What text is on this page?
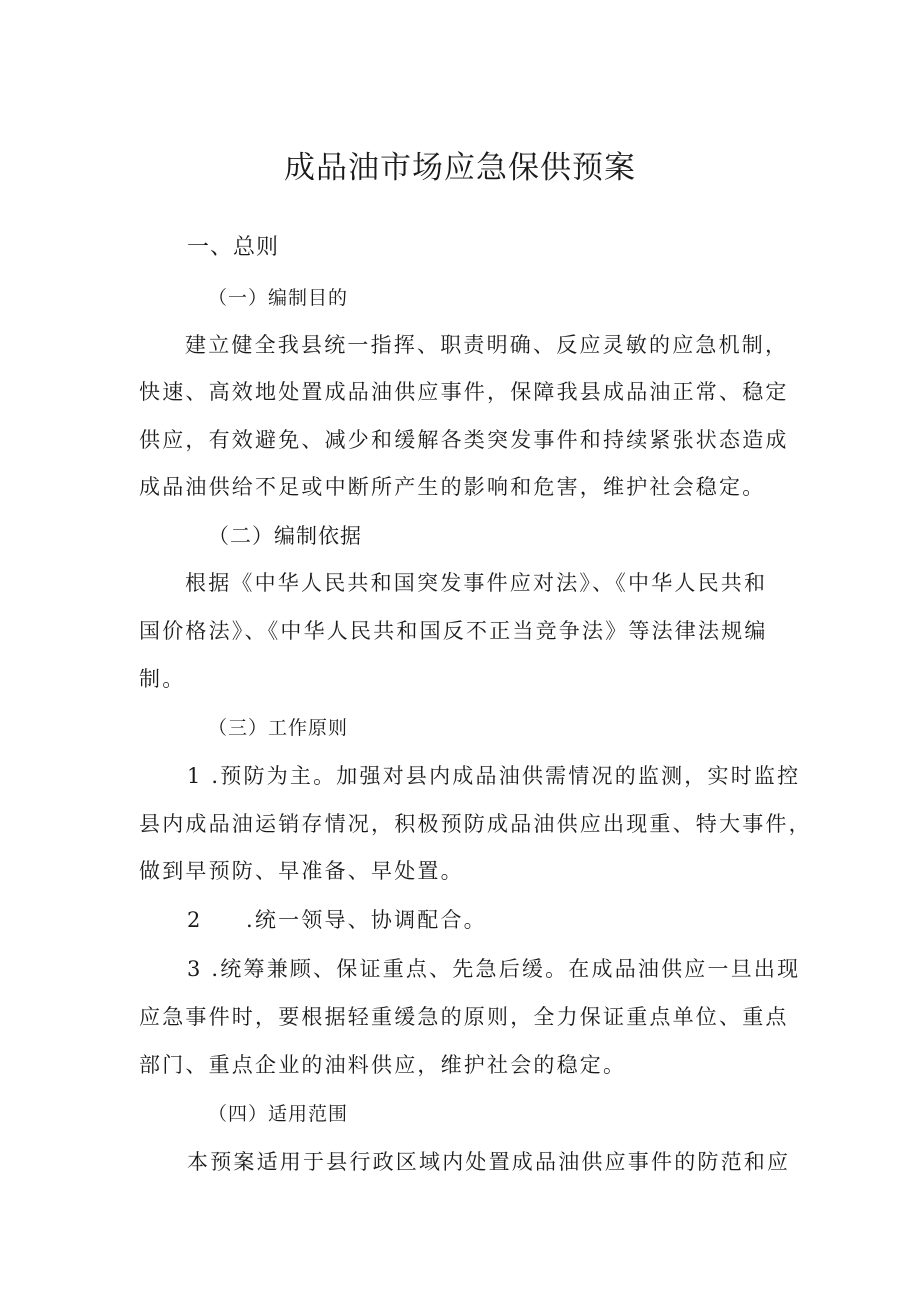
成品油市场应急保供预案
一、总则
（一）编制目的
建立健全我县统一指挥、职责明确、反应灵敏的应急机制，
快速、高效地处置成品油供应事件，保障我县成品油正常、稳定
供应，有效避免、减少和缓解各类突发事件和持续紧张状态造成
成品油供给不足或中断所产生的影响和危害，维护社会稳定。
（二）编制依据
根据《中华人民共和国突发事件应对法》、《中华人民共和
国价格法》、《中华人民共和国反不正当竞争法》等法律法规编
制。
（三）工作原则
1 .预防为主。加强对县内成品油供需情况的监测，实时监控
县内成品油运销存情况，积极预防成品油供应出现重、特大事件，
做到早预防、早准备、早处置。
2 .统一领导、协调配合。
3 .统筹兼顾、保证重点、先急后缓。在成品油供应一旦出现
应急事件时，要根据轻重缓急的原则，全力保证重点单位、重点
部门、重点企业的油料供应，维护社会的稳定。
（四）适用范围
本预案适用于县行政区域内处置成品油供应事件的防范和应
